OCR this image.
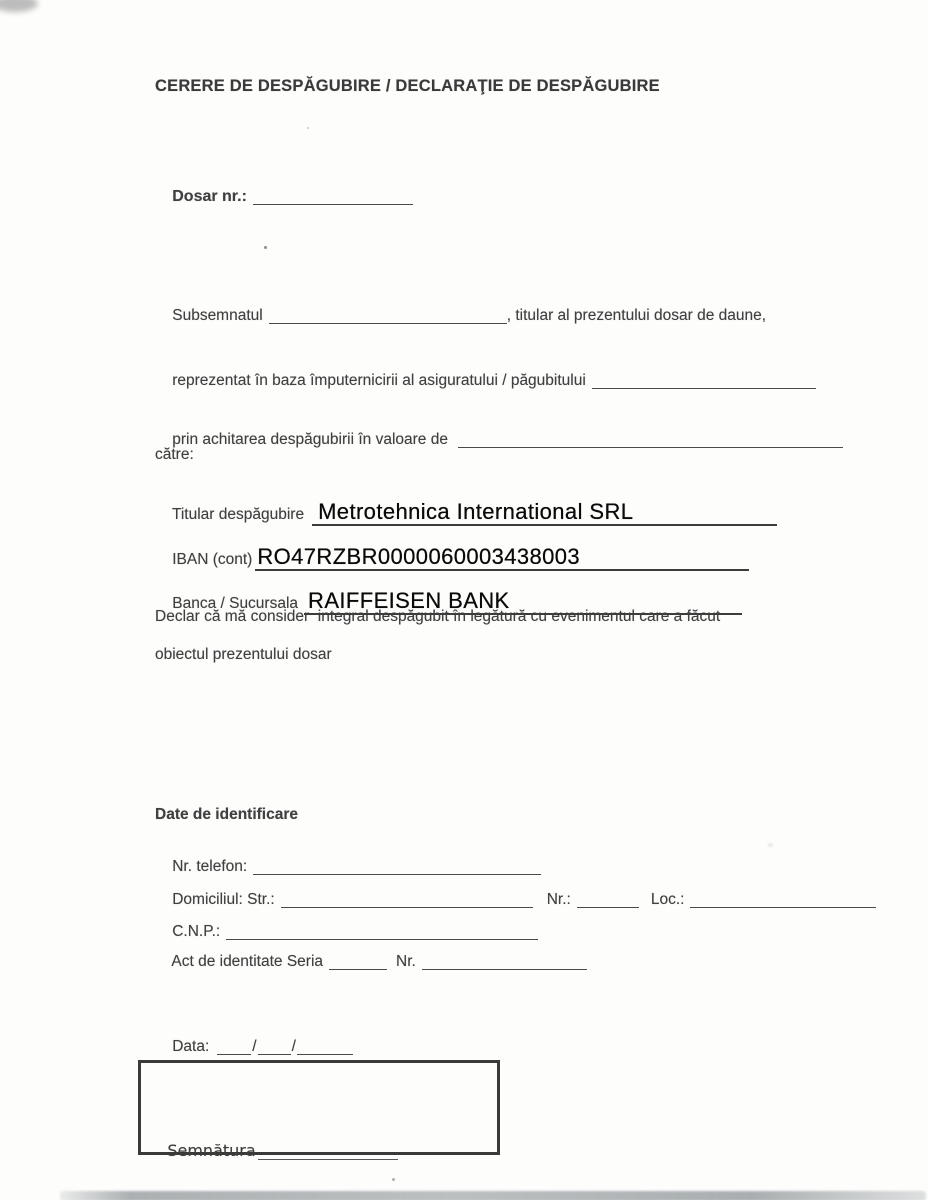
CERERE DE DESPĂGUBIRE / DECLARAŢIE DE DESPĂGUBIRE

Dosar nr.:

Subsemnatul	, titular al prezentului dosar de daune,

reprezentat în baza împuternicirii al asiguratului / păgubitului

prin achitarea despăgubirii în valoare de

către:

Titular despăgubire Metrotehnica International SRL

IBAN (cont) RO47RZBR0000060003438003

Banca / Sucursala RAIFFEISEN BANK

Declar că mă consider  integral despăgubit în legătură cu evenimentul care a făcut
obiectul prezentului dosar
Date de identificare

Nr. telefon:

Domiciliul: Str.:	Nr.:	Loc.:

C.N.P.:

Act de identitate Seria	Nr.

Data:	/ /

Semnătura
